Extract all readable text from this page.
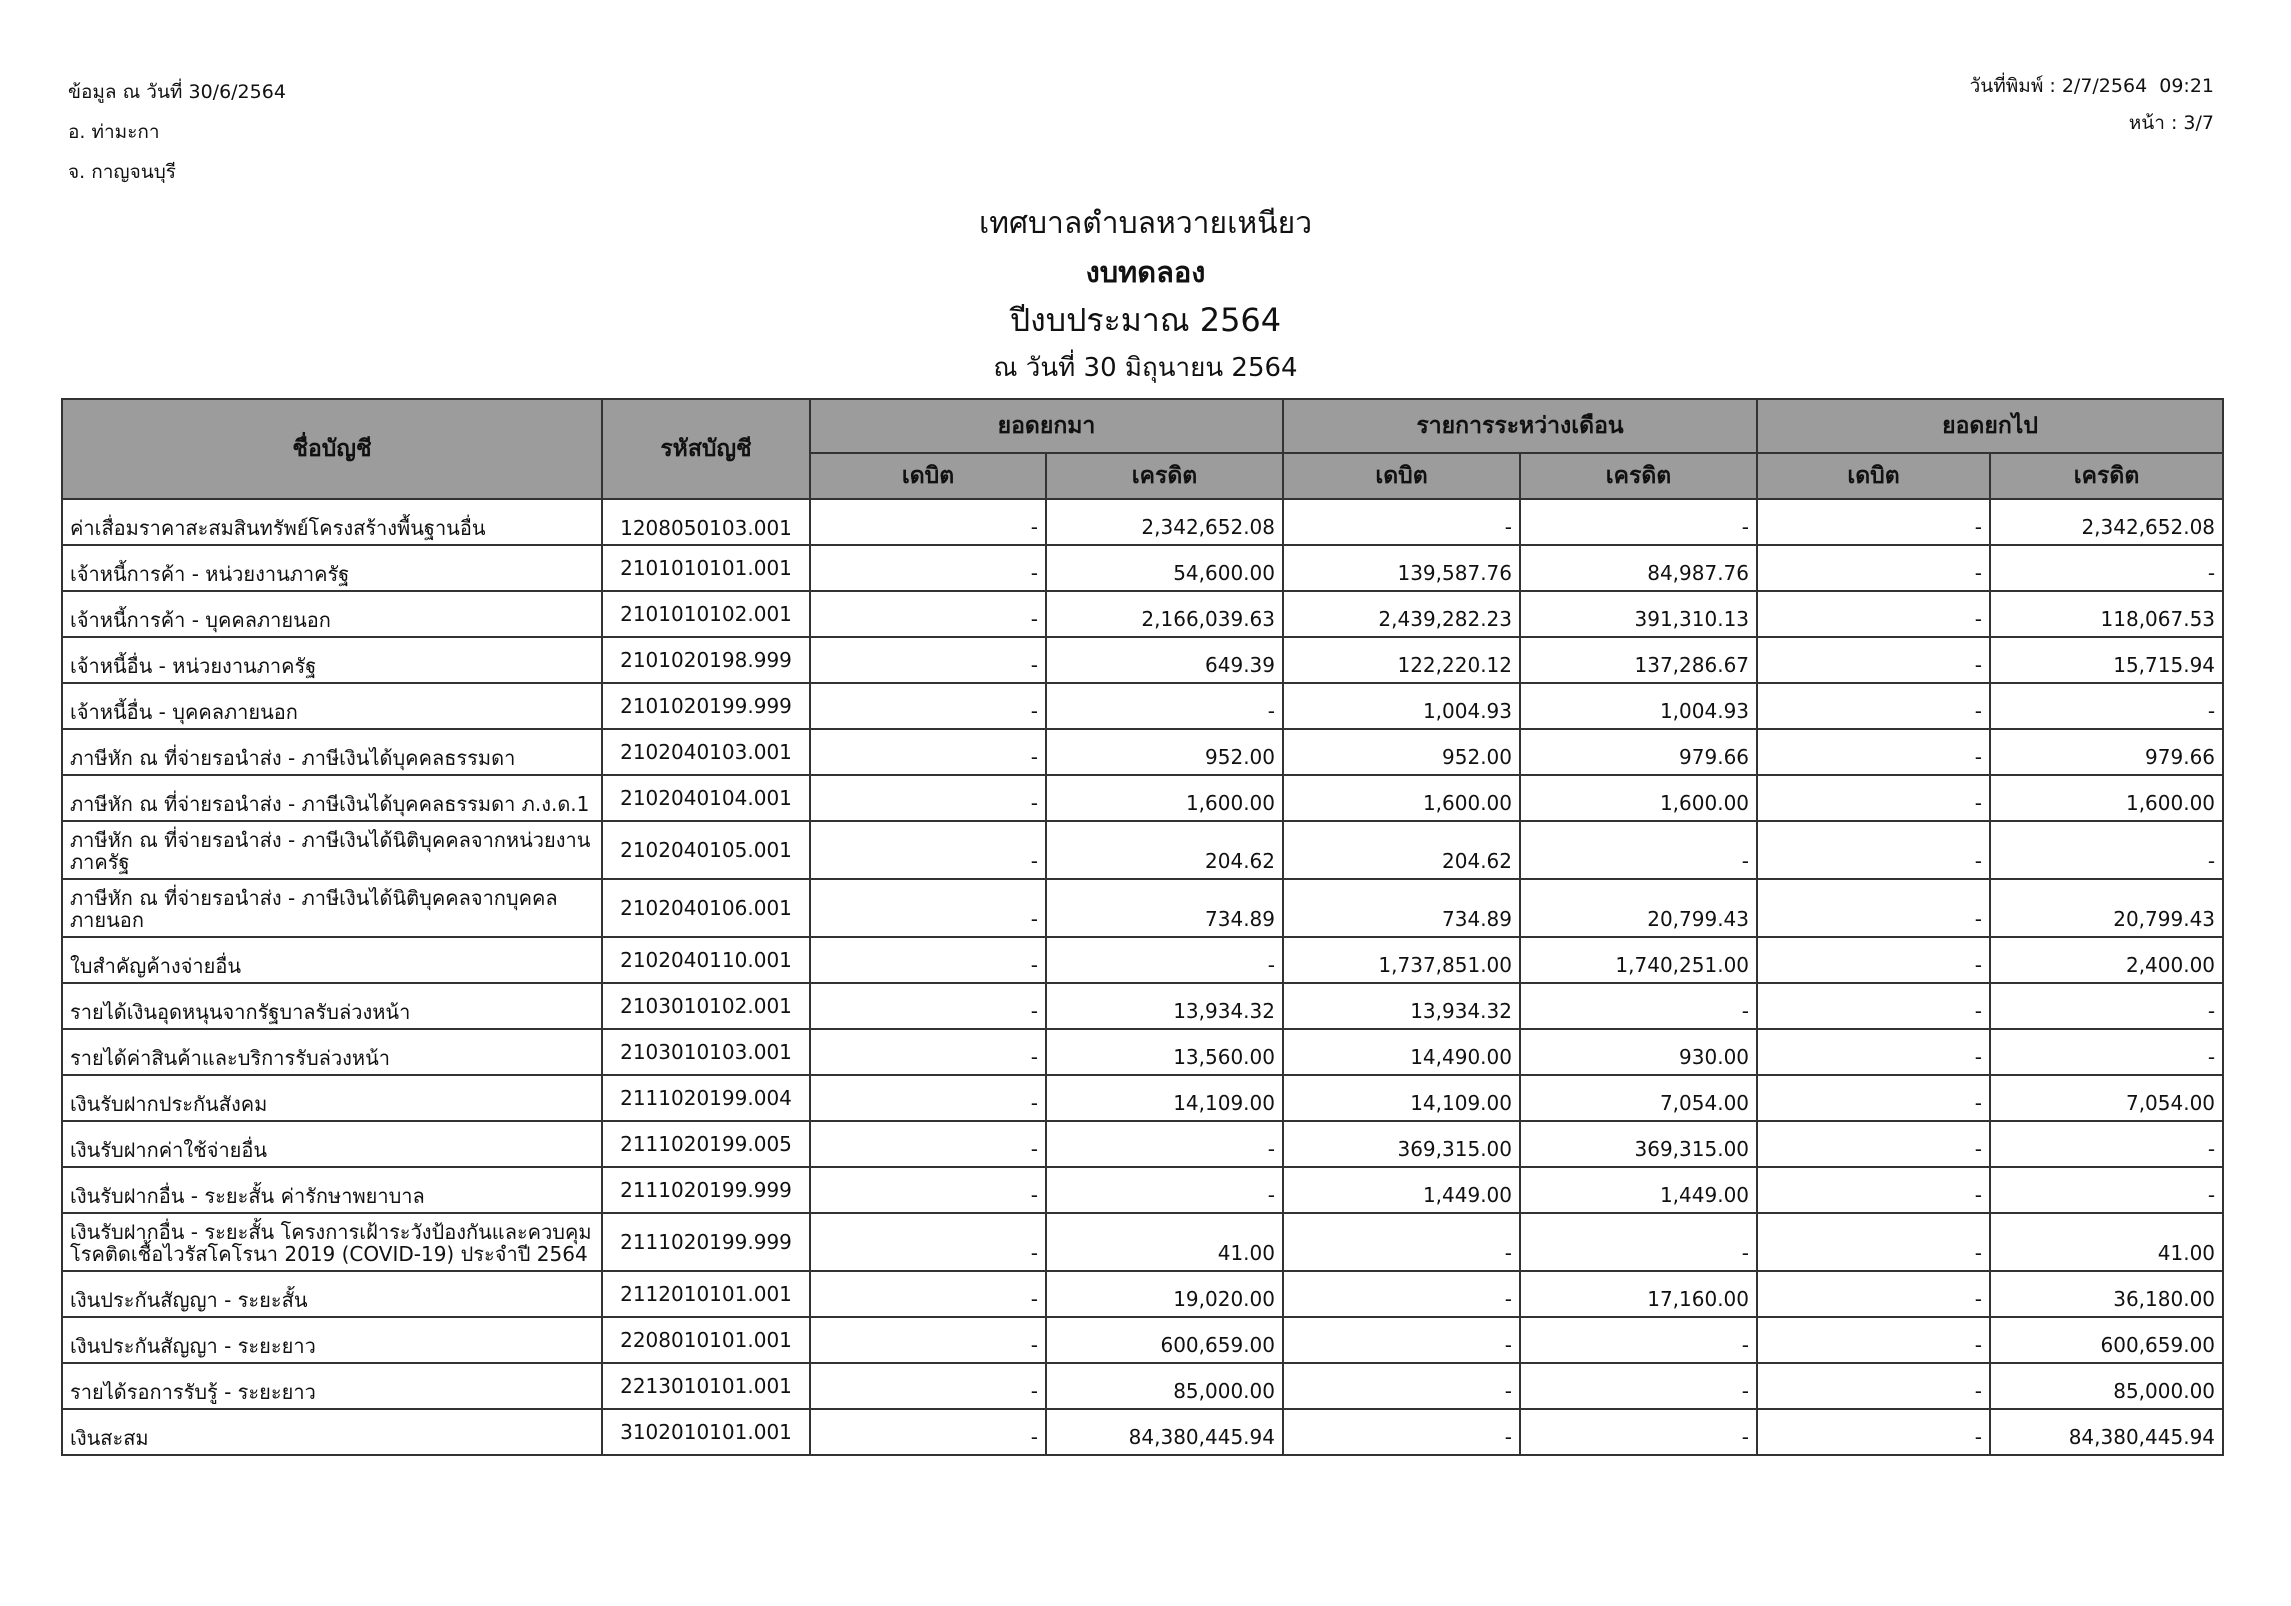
ข้อมูล ณ วันที่ 30/6/2564
อ. ท่ามะกา
จ. กาญจนบุรี
วันที่พิมพ์ : 2/7/2564  09:21
หน้า : 3/7
เทศบาลตำบลหวายเหนียว
งบทดลอง
ปีงบประมาณ 2564
ณ วันที่ 30 มิถุนายน 2564
ชื่อบัญชี	รหัสบัญชี	ยอดยกมา		รายการระหว่างเดือน		ยอดยกไป	
		เดบิต	เครดิต	เดบิต	เครดิต	เดบิต	เครดิต
ค่าเสื่อมราคาสะสมสินทรัพย์โครงสร้างพื้นฐานอื่น	1208050103.001	-	2,342,652.08	-	-	-	2,342,652.08
เจ้าหนี้การค้า - หน่วยงานภาครัฐ	2101010101.001	-	54,600.00	139,587.76	84,987.76	-	-
เจ้าหนี้การค้า - บุคคลภายนอก	2101010102.001	-	2,166,039.63	2,439,282.23	391,310.13	-	118,067.53
เจ้าหนี้อื่น - หน่วยงานภาครัฐ	2101020198.999	-	649.39	122,220.12	137,286.67	-	15,715.94
เจ้าหนี้อื่น - บุคคลภายนอก	2101020199.999	-	-	1,004.93	1,004.93	-	-
ภาษีหัก ณ ที่จ่ายรอนำส่ง - ภาษีเงินได้บุคคลธรรมดา	2102040103.001	-	952.00	952.00	979.66	-	979.66
ภาษีหัก ณ ที่จ่ายรอนำส่ง - ภาษีเงินได้บุคคลธรรมดา ภ.ง.ด.1	2102040104.001	-	1,600.00	1,600.00	1,600.00	-	1,600.00
ภาษีหัก ณ ที่จ่ายรอนำส่ง - ภาษีเงินได้นิติบุคคลจากหน่วยงานภาครัฐ	2102040105.001	-	204.62	204.62	-	-	-
ภาษีหัก ณ ที่จ่ายรอนำส่ง - ภาษีเงินได้นิติบุคคลจากบุคคลภายนอก	2102040106.001	-	734.89	734.89	20,799.43	-	20,799.43
ใบสำคัญค้างจ่ายอื่น	2102040110.001	-	-	1,737,851.00	1,740,251.00	-	2,400.00
รายได้เงินอุดหนุนจากรัฐบาลรับล่วงหน้า	2103010102.001	-	13,934.32	13,934.32	-	-	-
รายได้ค่าสินค้าและบริการรับล่วงหน้า	2103010103.001	-	13,560.00	14,490.00	930.00	-	-
เงินรับฝากประกันสังคม	2111020199.004	-	14,109.00	14,109.00	7,054.00	-	7,054.00
เงินรับฝากค่าใช้จ่ายอื่น	2111020199.005	-	-	369,315.00	369,315.00	-	-
เงินรับฝากอื่น - ระยะสั้น ค่ารักษาพยาบาล	2111020199.999	-	-	1,449.00	1,449.00	-	-
เงินรับฝากอื่น - ระยะสั้น โครงการเฝ้าระวังป้องกันและควบคุมโรคติดเชื้อไวรัสโคโรนา 2019 (COVID-19) ประจำปี 2564	2111020199.999	-	41.00	-	-	-	41.00
เงินประกันสัญญา - ระยะสั้น	2112010101.001	-	19,020.00	-	17,160.00	-	36,180.00
เงินประกันสัญญา - ระยะยาว	2208010101.001	-	600,659.00	-	-	-	600,659.00
รายได้รอการรับรู้ - ระยะยาว	2213010101.001	-	85,000.00	-	-	-	85,000.00
เงินสะสม	3102010101.001	-	84,380,445.94	-	-	-	84,380,445.94
